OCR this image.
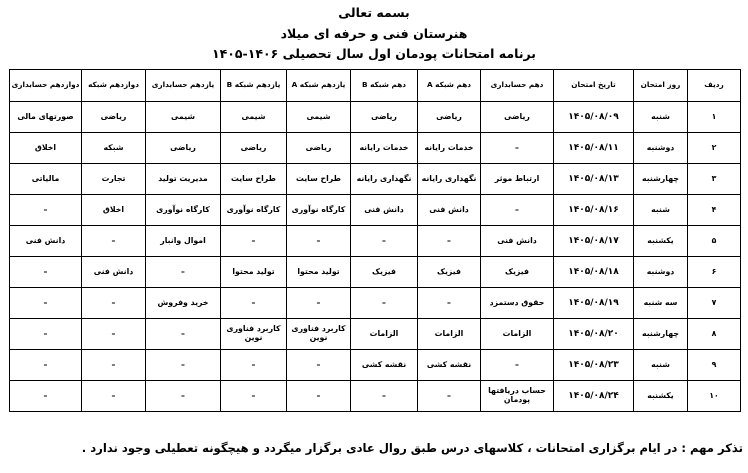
بسمه تعالی
هنرستان فنی و حرفه ای میلاد
برنامه امتحانات پودمان اول سال تحصیلی ۱۴۰۶-۱۴۰۵
ردیف	روز امتحان	تاریخ امتحان	دهم حسابداری	دهم شبکه A	دهم شبکه B	یازدهم شبکه A	یازدهم شبکه B	یازدهم حسابداری	دوازدهم شبکه	دوازدهم حسابداری
۱	شنبه	۱۴۰۵/۰۸/۰۹	ریاضی	ریاضی	ریاضی	شیمی	شیمی	شیمی	ریاضی	صورتهای مالی
۲	دوشنبه	۱۴۰۵/۰۸/۱۱	–	خدمات رایانه	خدمات رایانه	ریاضی	ریاضی	ریاضی	شبکه	اخلاق
۳	چهارشنبه	۱۴۰۵/۰۸/۱۳	ارتباط موثر	نگهداری رایانه	نگهداری رایانه	طراح سایت	طراح سایت	مدیریت تولید	تجارت	مالیاتی
۴	شنبه	۱۴۰۵/۰۸/۱۶	–	دانش فنی	دانش فنی	کارگاه نوآوری	کارگاه نوآوری	کارگاه نوآوری	اخلاق	–
۵	یکشنبه	۱۴۰۵/۰۸/۱۷	دانش فنی	–	–	–	–	اموال وانبار	–	دانش فنی
۶	دوشنبه	۱۴۰۵/۰۸/۱۸	فیزیک	فیزیک	فیزیک	تولید محتوا	تولید محتوا	–	دانش فنی	–
۷	سه شنبه	۱۴۰۵/۰۸/۱۹	حقوق دستمزد	–	–	–	–	خرید وفروش	–	–
۸	چهارشنبه	۱۴۰۵/۰۸/۲۰	الزامات	الزامات	الزامات	کاربرد فناوری نوین	کاربرد فناوری نوین	–	–	–
۹	شنبه	۱۴۰۵/۰۸/۲۳	–	نقشه کشی	نقشه کشی	–	–	–	–	–
۱۰	یکشنبه	۱۴۰۵/۰۸/۲۴	حساب دریافتها پودمان	–	–	–	–	–	–	–
تذکر مهم : در ایام برگزاری امتحانات ، کلاسهای درس طبق روال عادی برگزار میگردد و هیچگونه تعطیلی وجود ندارد .
